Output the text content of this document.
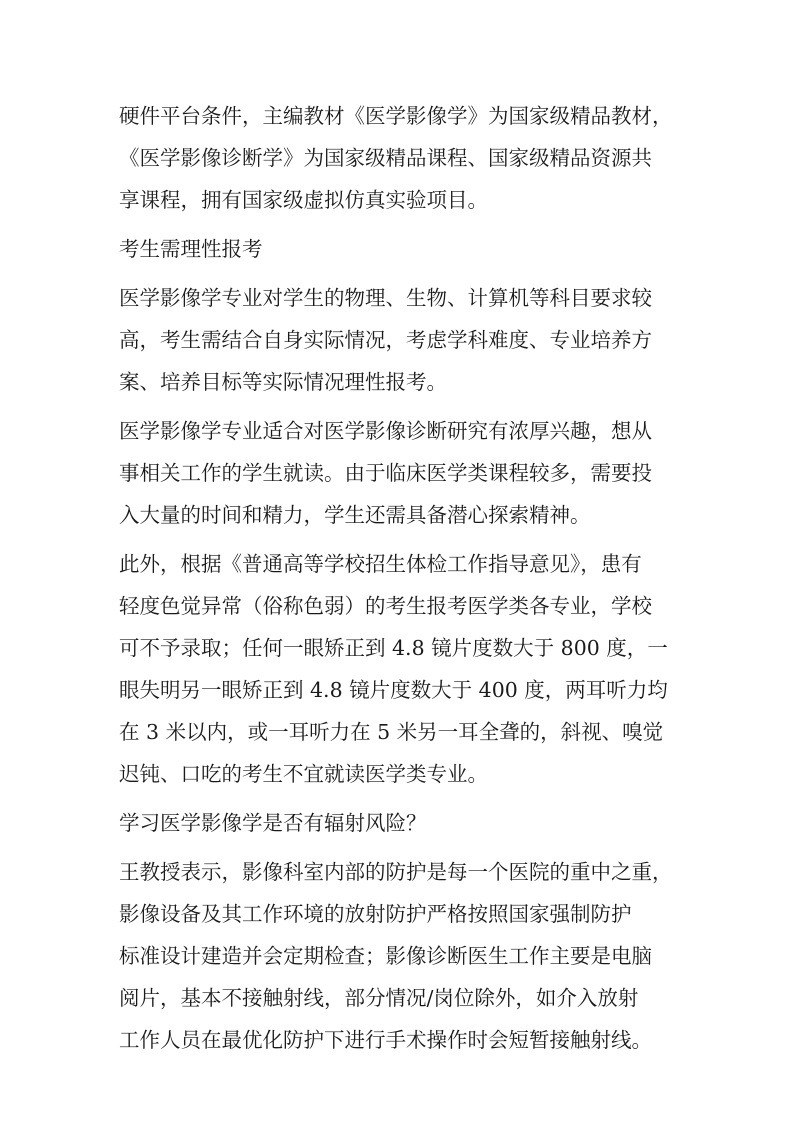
硬件平台条件，主编教材《医学影像学》为国家级精品教材，
《医学影像诊断学》为国家级精品课程、国家级精品资源共
享课程，拥有国家级虚拟仿真实验项目。
考生需理性报考
医学影像学专业对学生的物理、生物、计算机等科目要求较
高，考生需结合自身实际情况，考虑学科难度、专业培养方
案、培养目标等实际情况理性报考。
医学影像学专业适合对医学影像诊断研究有浓厚兴趣，想从
事相关工作的学生就读。由于临床医学类课程较多，需要投
入大量的时间和精力，学生还需具备潜心探索精神。
此外，根据《普通高等学校招生体检工作指导意见》，患有
轻度色觉异常（俗称色弱）的考生报考医学类各专业，学校
可不予录取；任何一眼矫正到 4.8 镜片度数大于 800 度，一
眼失明另一眼矫正到 4.8 镜片度数大于 400 度，两耳听力均
在 3 米以内，或一耳听力在 5 米另一耳全聋的，斜视、嗅觉
迟钝、口吃的考生不宜就读医学类专业。
学习医学影像学是否有辐射风险？
王教授表示，影像科室内部的防护是每一个医院的重中之重，
影像设备及其工作环境的放射防护严格按照国家强制防护
标准设计建造并会定期检查；影像诊断医生工作主要是电脑
阅片，基本不接触射线，部分情况/岗位除外，如介入放射
工作人员在最优化防护下进行手术操作时会短暂接触射线。
